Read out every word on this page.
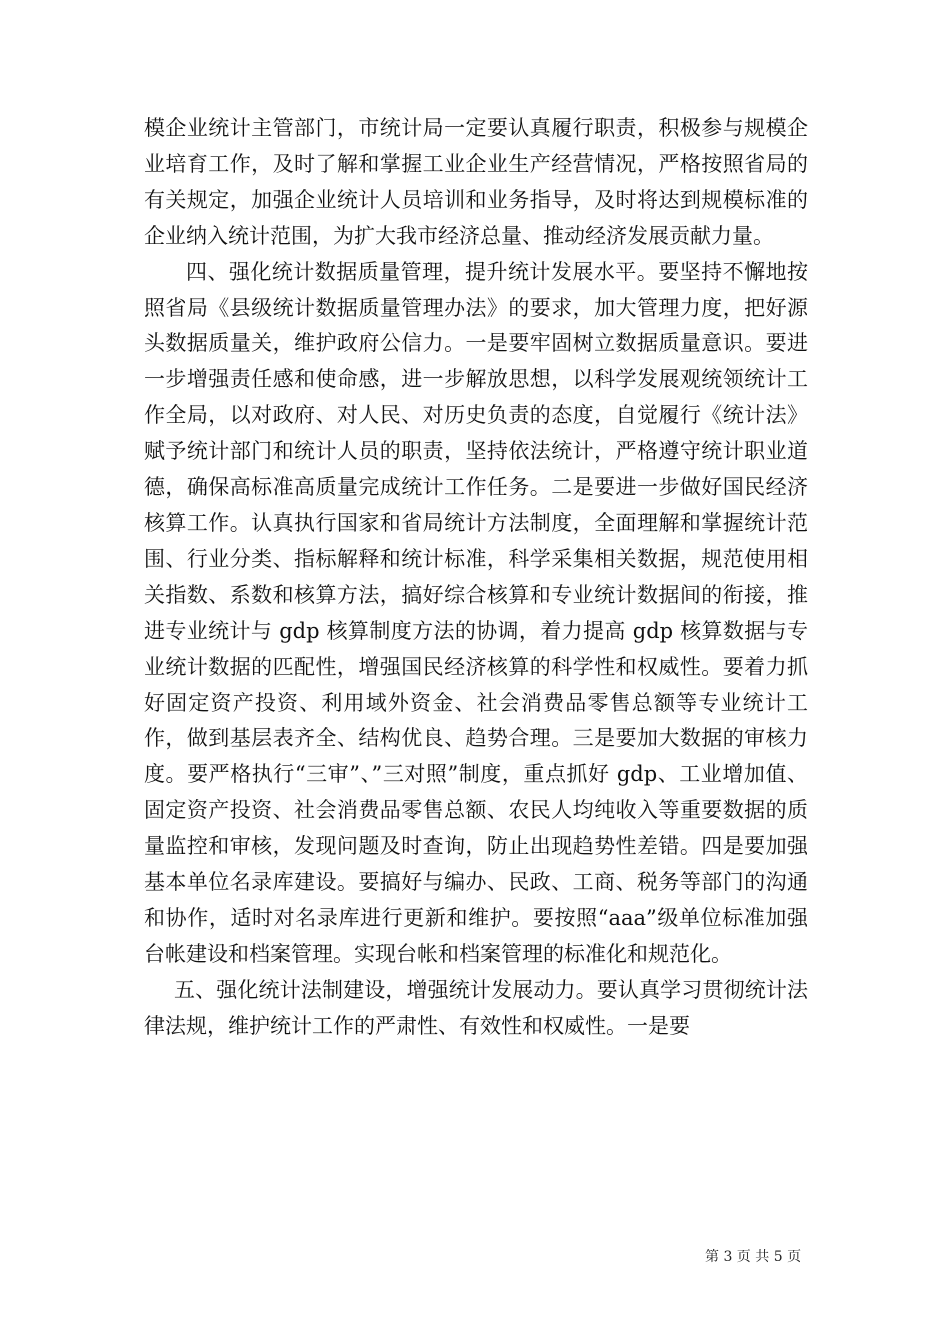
模企业统计主管部门，市统计局一定要认真履行职责，积极参与规模企业培育工作，及时了解和掌握工业企业生产经营情况，严格按照省局的有关规定，加强企业统计人员培训和业务指导，及时将达到规模标准的企业纳入统计范围，为扩大我市经济总量、推动经济发展贡献力量。

四、强化统计数据质量管理，提升统计发展水平。要坚持不懈地按照省局《县级统计数据质量管理办法》的要求，加大管理力度，把好源头数据质量关，维护政府公信力。一是要牢固树立数据质量意识。要进一步增强责任感和使命感，进一步解放思想，以科学发展观统领统计工作全局，以对政府、对人民、对历史负责的态度，自觉履行《统计法》赋予统计部门和统计人员的职责，坚持依法统计，严格遵守统计职业道德，确保高标准高质量完成统计工作任务。二是要进一步做好国民经济核算工作。认真执行国家和省局统计方法制度，全面理解和掌握统计范围、行业分类、指标解释和统计标准，科学采集相关数据，规范使用相关指数、系数和核算方法，搞好综合核算和专业统计数据间的衔接，推进专业统计与 gdp 核算制度方法的协调，着力提高 gdp 核算数据与专业统计数据的匹配性，增强国民经济核算的科学性和权威性。要着力抓好固定资产投资、利用域外资金、社会消费品零售总额等专业统计工作，做到基层表齐全、结构优良、趋势合理。三是要加大数据的审核力度。要严格执行“三审”、”三对照”制度，重点抓好 gdp、工业增加值、固定资产投资、社会消费品零售总额、农民人均纯收入等重要数据的质量监控和审核，发现问题及时查询，防止出现趋势性差错。四是要加强基本单位名录库建设。要搞好与编办、民政、工商、税务等部门的沟通和协作，适时对名录库进行更新和维护。要按照“aaa”级单位标准加强台帐建设和档案管理。实现台帐和档案管理的标准化和规范化。

五、强化统计法制建设，增强统计发展动力。要认真学习贯彻统计法律法规，维护统计工作的严肃性、有效性和权威性。一是要

第 3 页 共 5 页
